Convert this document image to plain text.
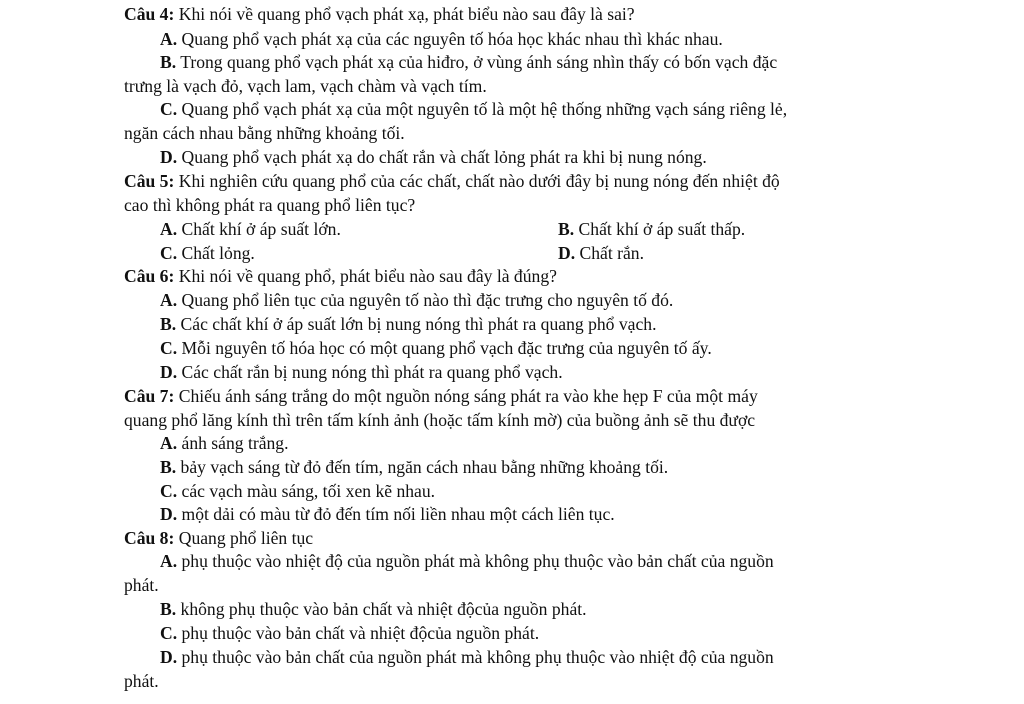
Câu 4: Khi nói về quang phổ vạch phát xạ, phát biểu nào sau đây là sai?
A. Quang phổ vạch phát xạ của các nguyên tố hóa học khác nhau thì khác nhau.
B. Trong quang phổ vạch phát xạ của hiđro, ở vùng ánh sáng nhìn thấy có bốn vạch đặc
trưng là vạch đỏ, vạch lam, vạch chàm và vạch tím.
C. Quang phổ vạch phát xạ của một nguyên tố là một hệ thống những vạch sáng riêng lẻ,
ngăn cách nhau bằng những khoảng tối.
D. Quang phổ vạch phát xạ do chất rắn và chất lỏng phát ra khi bị nung nóng.
Câu 5: Khi nghiên cứu quang phổ của các chất, chất nào dưới đây bị nung nóng đến nhiệt độ
cao thì không phát ra quang phổ liên tục?
A. Chất khí ở áp suất lớn.	B. Chất khí ở áp suất thấp.
C. Chất lỏng.	D. Chất rắn.
Câu 6: Khi nói về quang phổ, phát biểu nào sau đây là đúng?
A. Quang phổ liên tục của nguyên tố nào thì đặc trưng cho nguyên tố đó.
B. Các chất khí ở áp suất lớn bị nung nóng thì phát ra quang phổ vạch.
C. Mỗi nguyên tố hóa học có một quang phổ vạch đặc trưng của nguyên tố ấy.
D. Các chất rắn bị nung nóng thì phát ra quang phổ vạch.
Câu 7: Chiếu ánh sáng trắng do một nguồn nóng sáng phát ra vào khe hẹp F của một máy
quang phổ lăng kính thì trên tấm kính ảnh (hoặc tấm kính mờ) của buồng ảnh sẽ thu được
A. ánh sáng trắng.
B. bảy vạch sáng từ đỏ đến tím, ngăn cách nhau bằng những khoảng tối.
C. các vạch màu sáng, tối xen kẽ nhau.
D. một dải có màu từ đỏ đến tím nối liền nhau một cách liên tục.
Câu 8: Quang phổ liên tục
A. phụ thuộc vào nhiệt độ của nguồn phát mà không phụ thuộc vào bản chất của nguồn
phát.
B. không phụ thuộc vào bản chất và nhiệt độcủa nguồn phát.
C. phụ thuộc vào bản chất và nhiệt độcủa nguồn phát.
D. phụ thuộc vào bản chất của nguồn phát mà không phụ thuộc vào nhiệt độ của nguồn
phát.
